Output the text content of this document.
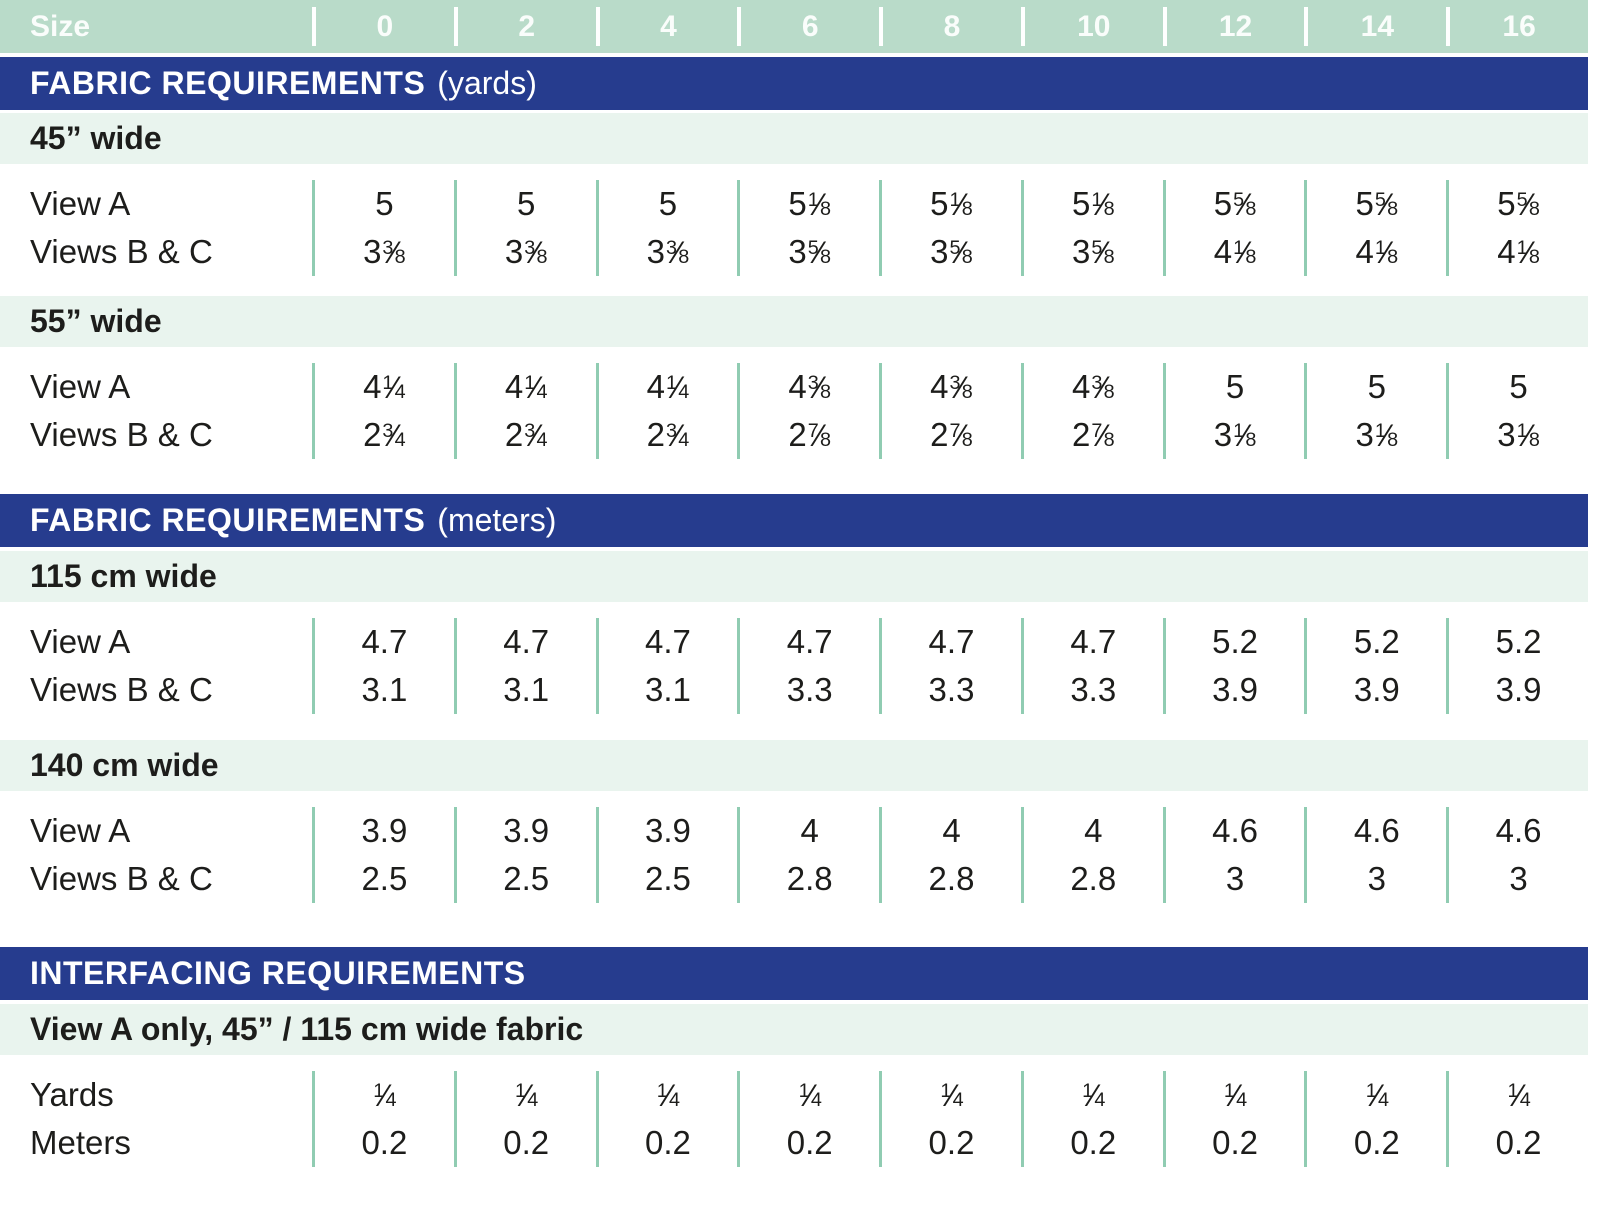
Size	0	2	4	6	8	10	12	14	16
FABRIC REQUIREMENTS (yards)
45” wide
View A	5	5	5	$5^1⁄8$	$5^1⁄8$	$5^1⁄8$	$5^5⁄8$	$5^5⁄8$	$5^5⁄8$
Views B & C	$3^3⁄8$	$3^3⁄8$	$3^3⁄8$	$3^5⁄8$	$3^5⁄8$	$3^5⁄8$	$4^1⁄8$	$4^1⁄8$	$4^1⁄8$
55” wide
View A	$4^1⁄4$	$4^1⁄4$	$4^1⁄4$	$4^3⁄8$	$4^3⁄8$	$4^3⁄8$	5	5	5
Views B & C	$2^3⁄4$	$2^3⁄4$	$2^3⁄4$	$2^7⁄8$	$2^7⁄8$	$2^7⁄8$	$3^1⁄8$	$3^1⁄8$	$3^1⁄8$
FABRIC REQUIREMENTS (meters)
115 cm wide
View A	4.7	4.7	4.7	4.7	4.7	4.7	5.2	5.2	5.2
Views B & C	3.1	3.1	3.1	3.3	3.3	3.3	3.9	3.9	3.9
140 cm wide
View A	3.9	3.9	3.9	4	4	4	4.6	4.6	4.6
Views B & C	2.5	2.5	2.5	2.8	2.8	2.8	3	3	3
INTERFACING REQUIREMENTS
View A only, 45” / 115 cm wide fabric
Yards	$^1$⁄4	$^1$⁄4	$^1$⁄4	$^1$⁄4	$^1$⁄4	$^1$⁄4	$^1$⁄4	$^1$⁄4	$^1$⁄4
Meters	0.2	0.2	0.2	0.2	0.2	0.2	0.2	0.2	0.2
